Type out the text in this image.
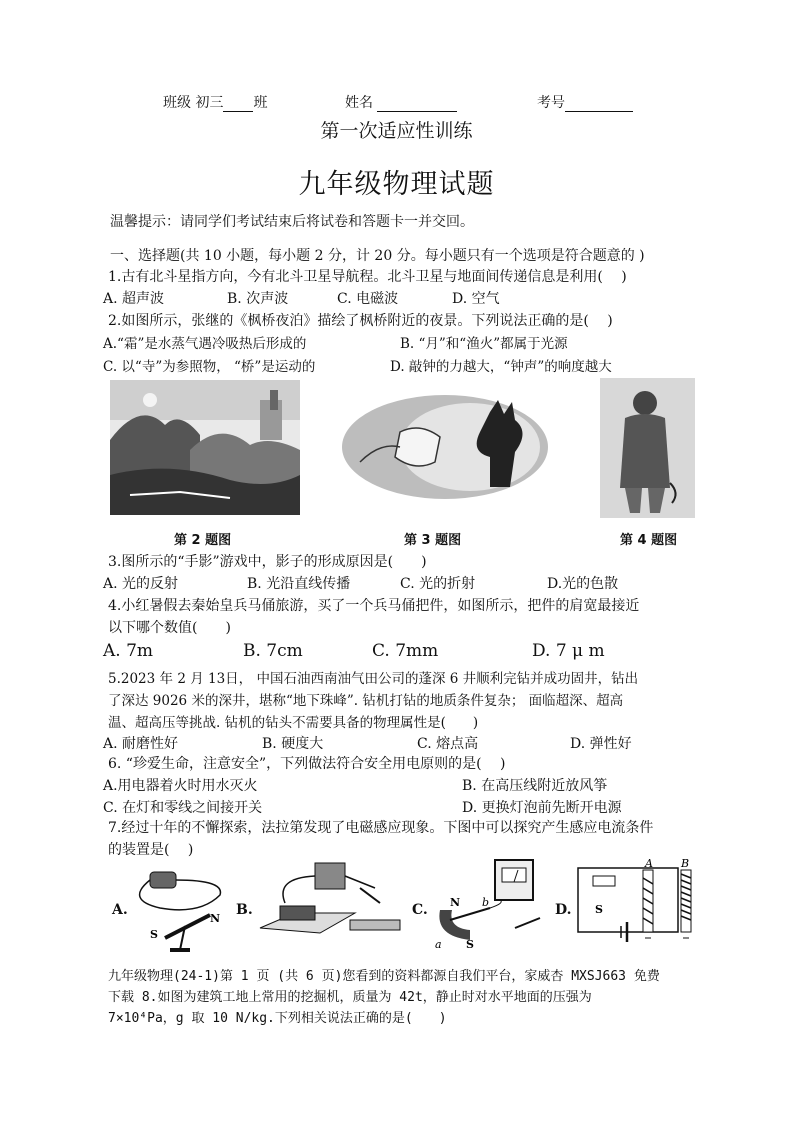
班级 初三 班	姓名	考号
第一次适应性训练
九年级物理试题
温馨提示：请同学们考试结束后将试卷和答题卡一并交回。
一、选择题(共 10 小题，每小题 2 分，计 20 分。每小题只有一个选项是符合题意的 )
1.古有北斗星指方向，今有北斗卫星导航程。北斗卫星与地面间传递信息是利用(　 )
A. 超声波	B. 次声波	C. 电磁波	D. 空气
2.如图所示，张继的《枫桥夜泊》描绘了枫桥附近的夜景。下列说法正确的是(　 )
A.“霜”是水蒸气遇冷吸热后形成的	B. “月”和“渔火”都属于光源
C. 以“寺”为参照物， “桥”是运动的	D. 敲钟的力越大，“钟声”的响度越大
第 2 题图	第 3 题图	第 4 题图
3.图所示的“手影”游戏中，影子的形成原因是(　　)
A. 光的反射	B. 光沿直线传播	C. 光的折射	D.光的色散
4.小红暑假去秦始皇兵马俑旅游，买了一个兵马俑把件，如图所示，把件的肩宽最接近
以下哪个数值(　　)
A. 7m	B. 7cm	C. 7mm	D. 7 μ m
5.2023 年 2 月 13日， 中国石油西南油气田公司的蓬深 6 井顺利完钻并成功固井，钻出
了深达 9026 米的深井，堪称“地下珠峰”. 钻机打钻的地质条件复杂； 面临超深、超高
温、超高压等挑战. 钻机的钻头不需要具备的物理属性是(　　)
A. 耐磨性好	B. 硬度大	C. 熔点高	D. 弹性好
6. “珍爱生命，注意安全”，下列做法符合安全用电原则的是(　 )
A.用电器着火时用水灭火	B. 在高压线附近放风筝
C. 在灯和零线之间接开关	D. 更换灯泡前先断开电源
7.经过十年的不懈探索，法拉第发现了电磁感应现象。下图中可以探究产生感应电流条件
的装置是(　 )
A.
S
N
B.	C. N
a
b
S
D.
A	B
S
九年级物理(24-1)第 1 页 (共 6 页)您看到的资料都源自我们平台，家威杏 MXSJ663 免费
下载 8.如图为建筑工地上常用的挖掘机，质量为 42t，静止时对水平地面的压强为
7×10⁴Pa，g 取 10 N/kg.下列相关说法正确的是(　　)
